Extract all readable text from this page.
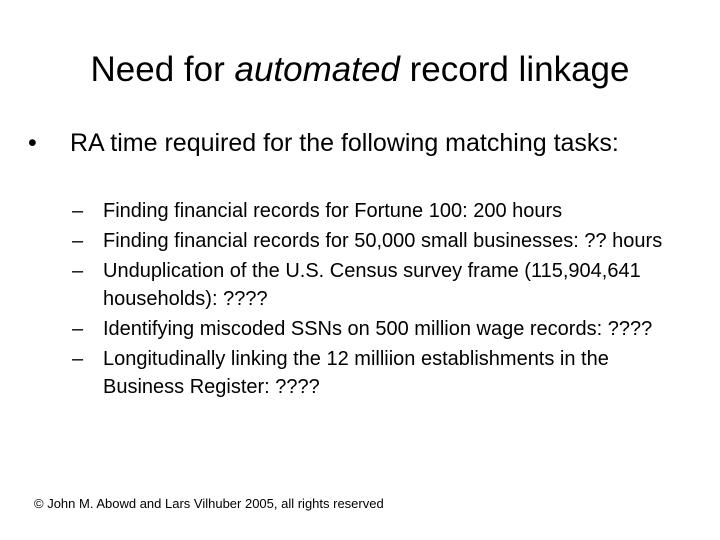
Need for automated record linkage
• RA time required for the following matching tasks:
– Finding financial records for Fortune 100: 200 hours
– Finding financial records for 50,000 small businesses: ?? hours
– Unduplication of the U.S. Census survey frame (115,904,641 households): ????
– Identifying miscoded SSNs on 500 million wage records: ????
– Longitudinally linking the 12 milliion establishments in the Business Register: ????
© John M. Abowd and Lars Vilhuber 2005, all rights reserved
